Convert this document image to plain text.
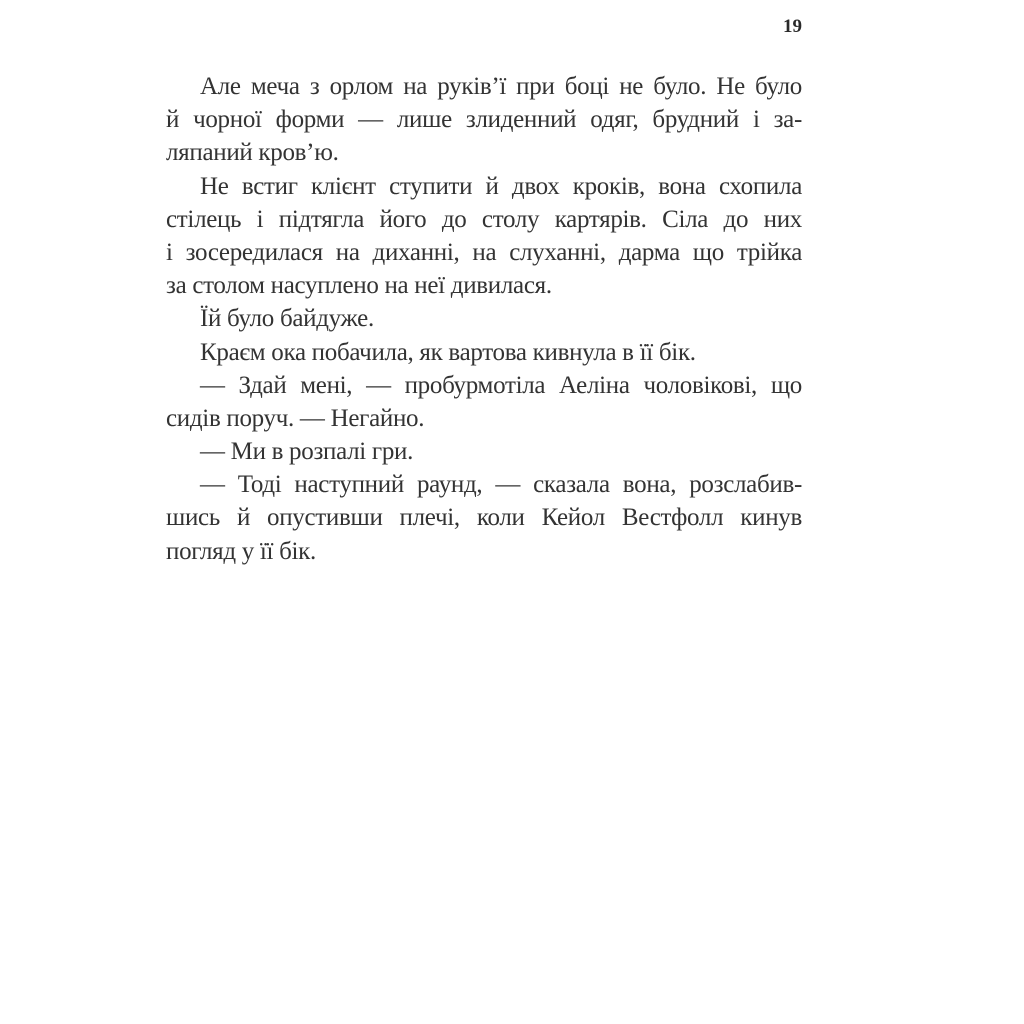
19
Але меча з орлом на руків’ї при боці не було. Не було
й чорної форми — лише злиденний одяг, брудний і за-
ляпаний кров’ю.
Не встиг клієнт ступити й двох кроків, вона схопила
стілець і підтягла його до столу картярів. Сіла до них
і зосередилася на диханні, на слуханні, дарма що трійка
за столом насуплено на неї дивилася.
Їй було байдуже.
Краєм ока побачила, як вартова кивнула в її бік.
— Здай мені, — пробурмотіла Аеліна чоловікові, що
сидів поруч. — Негайно.
— Ми в розпалі гри.
— Тоді наступний раунд, — сказала вона, розслабив-
шись й опустивши плечі, коли Кейол Вестфолл кинув
погляд у її бік.
